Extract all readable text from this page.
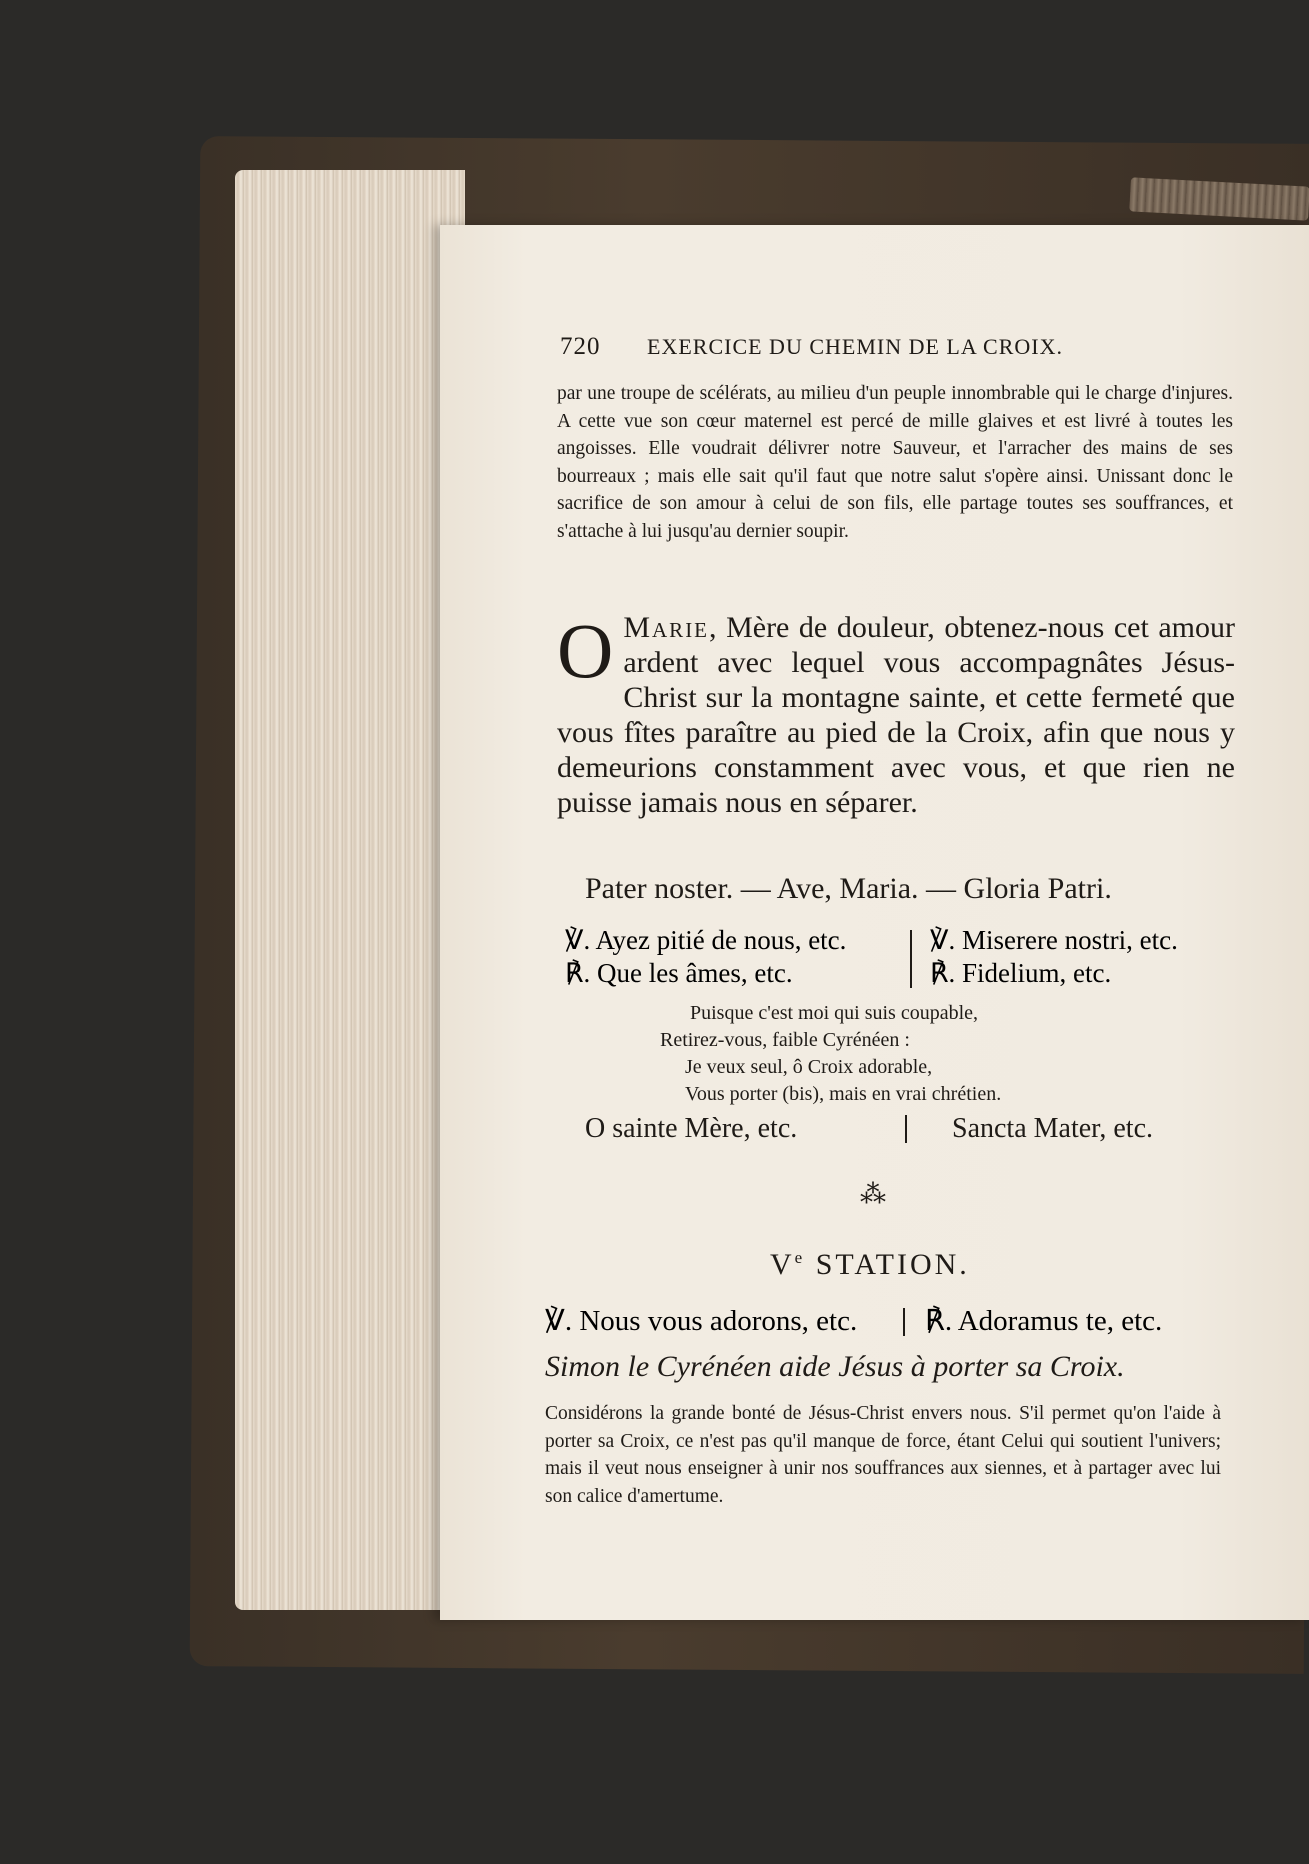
720 EXERCICE DU CHEMIN DE LA CROIX.
par une troupe de scélérats, au milieu d'un peuple innombrable qui le charge d'injures. A cette vue son cœur maternel est percé de mille glaives et est livré à toutes les angoisses. Elle voudrait délivrer notre Sauveur, et l'arracher des mains de ses bourreaux ; mais elle sait qu'il faut que notre salut s'opère ainsi. Unissant donc le sacrifice de son amour à celui de son fils, elle partage toutes ses souffrances, et s'attache à lui jusqu'au dernier soupir.
O Marie, Mère de douleur, obtenez-nous cet amour ardent avec lequel vous accompagnâtes Jésus-Christ sur la montagne sainte, et cette fermeté que vous fîtes paraître au pied de la Croix, afin que nous y demeurions constamment avec vous, et que rien ne puisse jamais nous en séparer.
Pater noster. — Ave, Maria. — Gloria Patri.
℣. Ayez pitié de nous, etc.
℟. Que les âmes, etc.
℣. Miserere nostri, etc.
℟. Fidelium, etc.
Puisque c'est moi qui suis coupable,
Retirez-vous, faible Cyrénéen :
Je veux seul, ô Croix adorable,
Vous porter (bis), mais en vrai chrétien.
O sainte Mère, etc.	Sancta Mater, etc.
⁂
Ve STATION.
℣. Nous vous adorons, etc. ℟. Adoramus te, etc.
Simon le Cyrénéen aide Jésus à porter sa Croix.
Considérons la grande bonté de Jésus-Christ envers nous. S'il permet qu'on l'aide à porter sa Croix, ce n'est pas qu'il manque de force, étant Celui qui soutient l'univers; mais il veut nous enseigner à unir nos souffrances aux siennes, et à partager avec lui son calice d'amertume.
